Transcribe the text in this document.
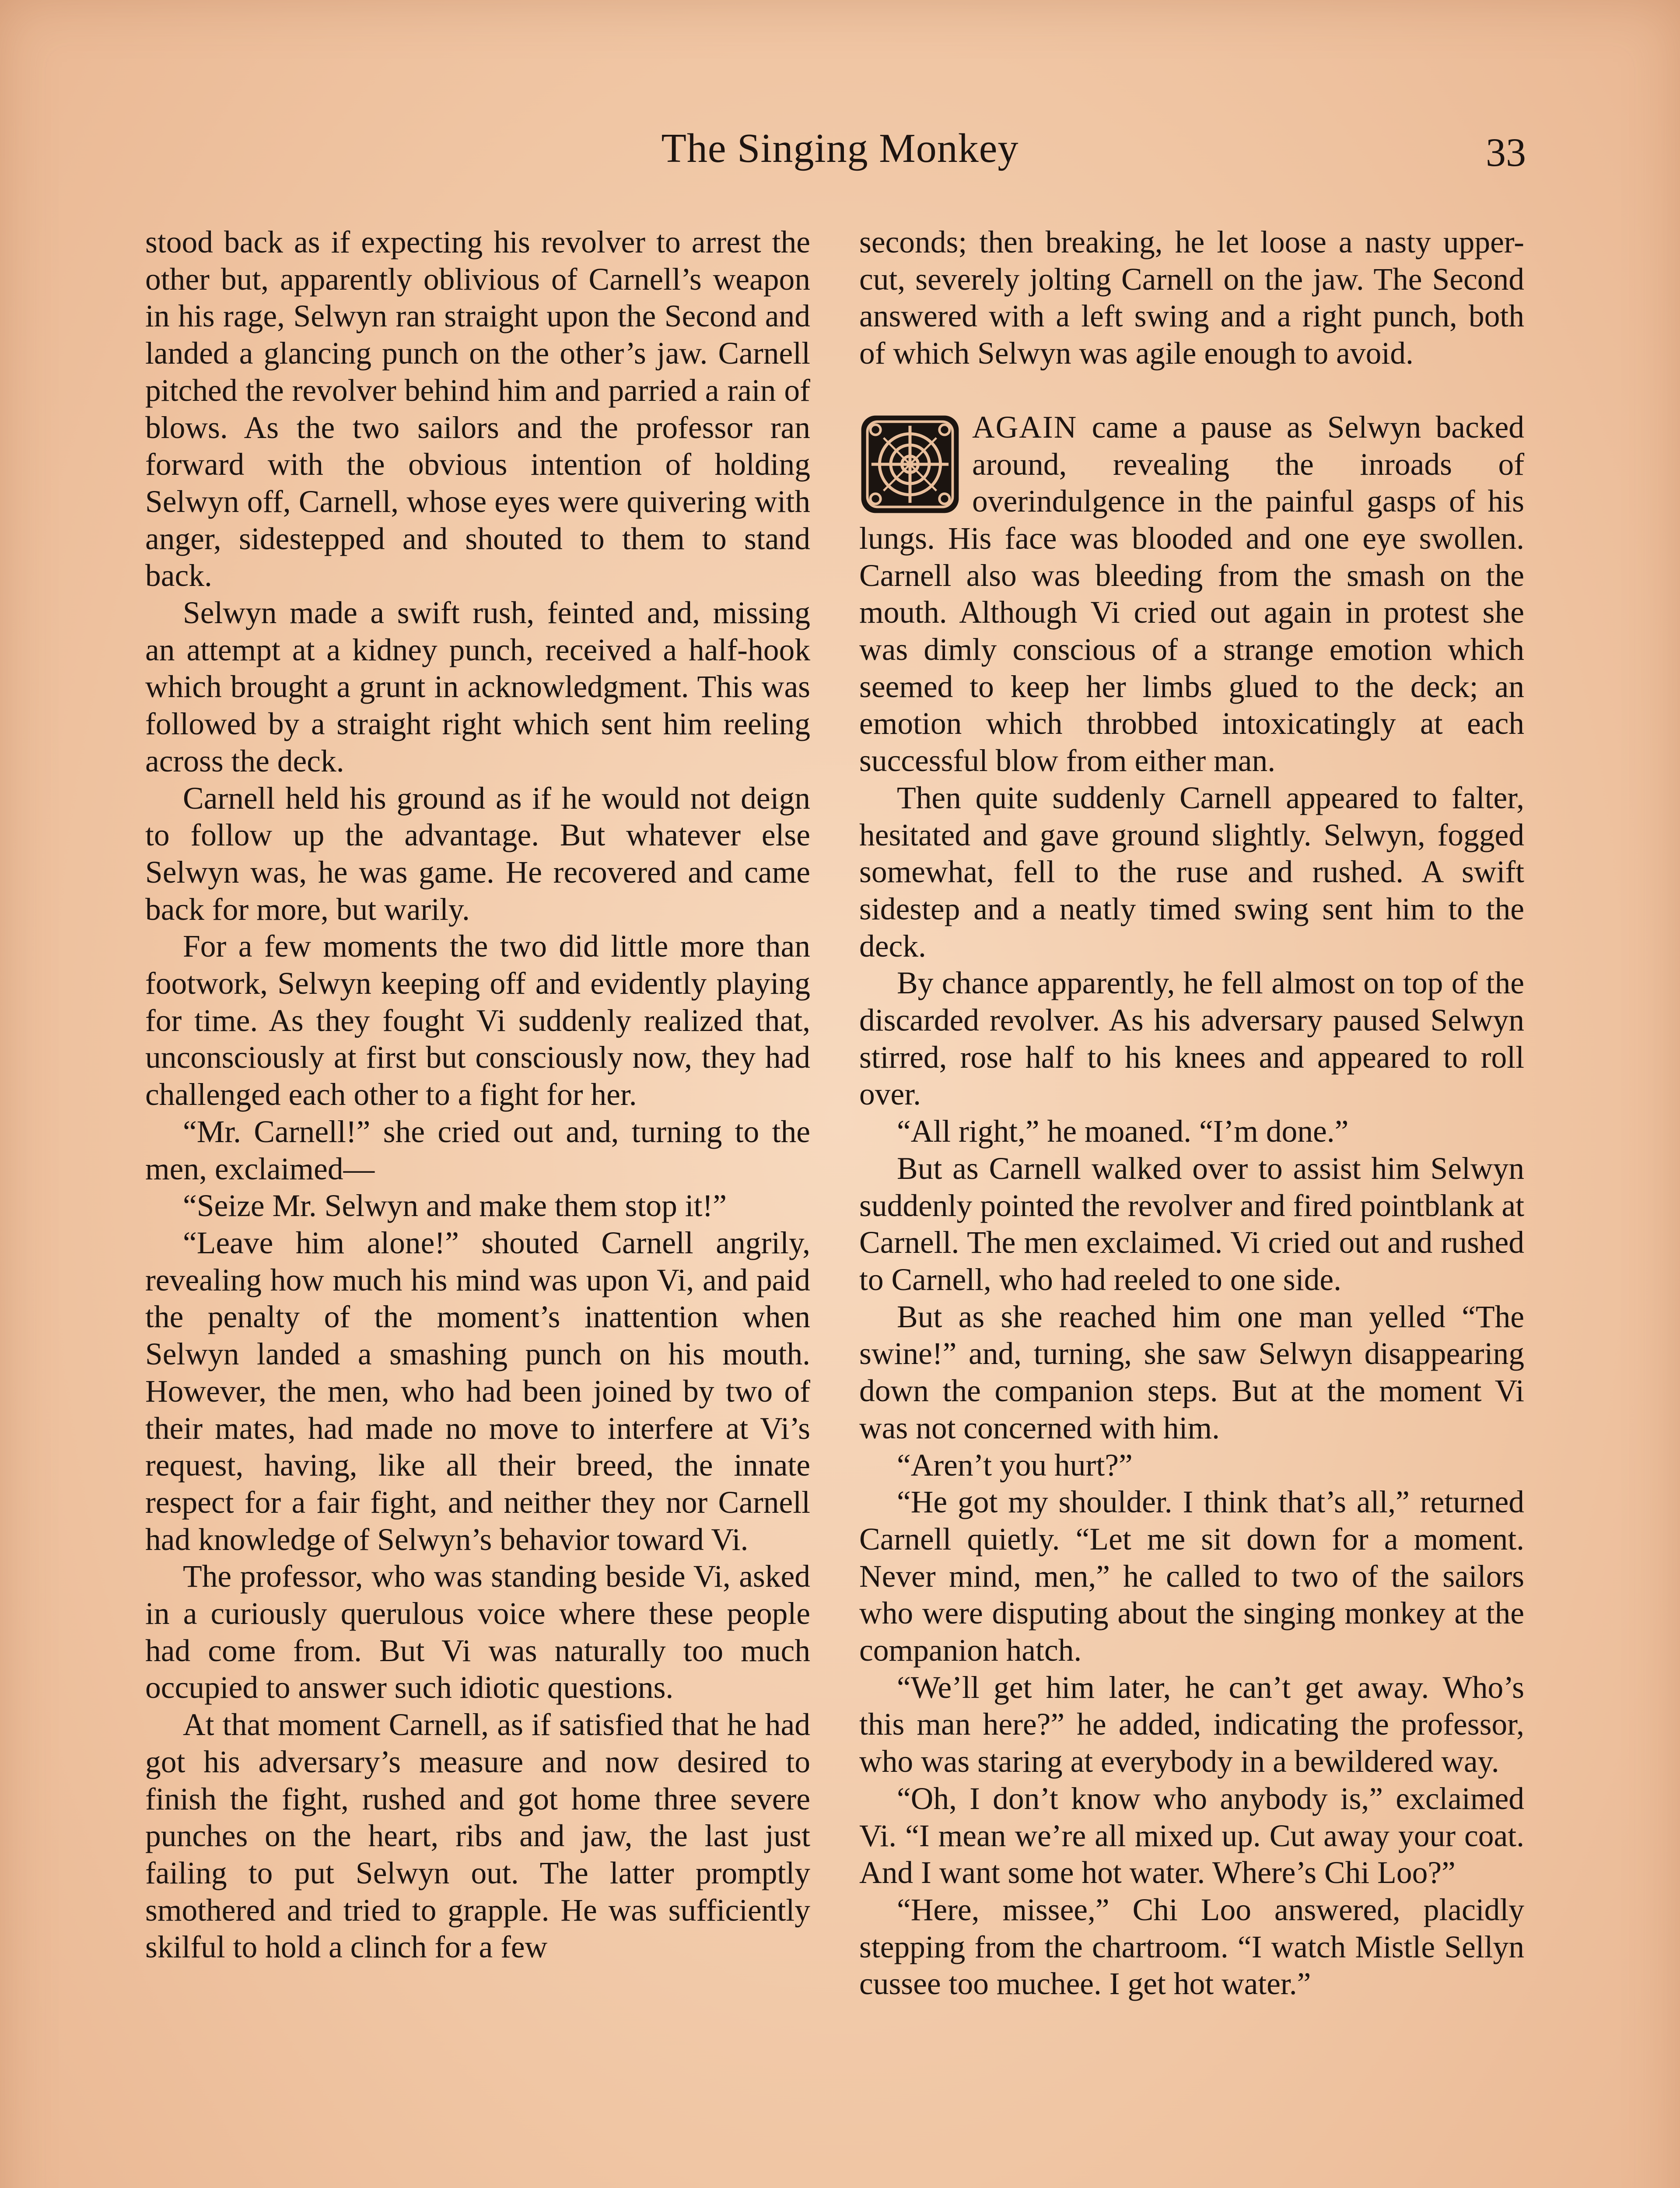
The Singing Monkey	33

stood back as if expecting his revolver to arrest the other but, apparently oblivious of Carnell’s weapon in his rage, Selwyn ran straight upon the Second and landed a glancing punch on the other’s jaw. Carnell pitched the revolver behind him and parried a rain of blows. As the two sailors and the professor ran forward with the obvious intention of holding Selwyn off, Carnell, whose eyes were quivering with anger, sidestepped and shouted to them to stand back.

Selwyn made a swift rush, feinted and, missing an attempt at a kidney punch, received a half-hook which brought a grunt in acknowledgment. This was followed by a straight right which sent him reeling across the deck.

Carnell held his ground as if he would not deign to follow up the advantage. But whatever else Selwyn was, he was game. He recovered and came back for more, but warily.

For a few moments the two did little more than footwork, Selwyn keeping off and evidently playing for time. As they fought Vi suddenly realized that, unconsciously at first but consciously now, they had challenged each other to a fight for her.

“Mr. Carnell!” she cried out and, turning to the men, exclaimed—

“Seize Mr. Selwyn and make them stop it!”

“Leave him alone!” shouted Carnell angrily, revealing how much his mind was upon Vi, and paid the penalty of the moment’s inattention when Selwyn landed a smashing punch on his mouth. However, the men, who had been joined by two of their mates, had made no move to interfere at Vi’s request, having, like all their breed, the innate respect for a fair fight, and neither they nor Carnell had knowledge of Selwyn’s behavior toward Vi.

The professor, who was standing beside Vi, asked in a curiously querulous voice where these people had come from. But Vi was naturally too much occupied to answer such idiotic questions.

At that moment Carnell, as if satisfied that he had got his adversary’s measure and now desired to finish the fight, rushed and got home three severe punches on the heart, ribs and jaw, the last just failing to put Selwyn out. The latter promptly smothered and tried to grapple. He was sufficiently skilful to hold a clinch for a few

seconds; then breaking, he let loose a nasty upper-cut, severely jolting Carnell on the jaw. The Second answered with a left swing and a right punch, both of which Selwyn was agile enough to avoid.

AGAIN came a pause as Selwyn backed around, revealing the inroads of overindulgence in the painful gasps of his lungs. His face was blooded and one eye swollen. Carnell also was bleeding from the smash on the mouth. Although Vi cried out again in protest she was dimly conscious of a strange emotion which seemed to keep her limbs glued to the deck; an emotion which throbbed intoxicatingly at each successful blow from either man.

Then quite suddenly Carnell appeared to falter, hesitated and gave ground slightly. Selwyn, fogged somewhat, fell to the ruse and rushed. A swift sidestep and a neatly timed swing sent him to the deck.

By chance apparently, he fell almost on top of the discarded revolver. As his adversary paused Selwyn stirred, rose half to his knees and appeared to roll over.

“All right,” he moaned. “I’m done.”

But as Carnell walked over to assist him Selwyn suddenly pointed the revolver and fired pointblank at Carnell. The men exclaimed. Vi cried out and rushed to Carnell, who had reeled to one side.

But as she reached him one man yelled “The swine!” and, turning, she saw Selwyn disappearing down the companion steps. But at the moment Vi was not concerned with him.

“Aren’t you hurt?”

“He got my shoulder. I think that’s all,” returned Carnell quietly. “Let me sit down for a moment. Never mind, men,” he called to two of the sailors who were disputing about the singing monkey at the companion hatch.

“We’ll get him later, he can’t get away. Who’s this man here?” he added, indicating the professor, who was staring at everybody in a bewildered way.

“Oh, I don’t know who anybody is,” exclaimed Vi. “I mean we’re all mixed up. Cut away your coat. And I want some hot water. Where’s Chi Loo?”

“Here, missee,” Chi Loo answered, placidly stepping from the chartroom. “I watch Mistle Sellyn cussee too muchee. I get hot water.”
